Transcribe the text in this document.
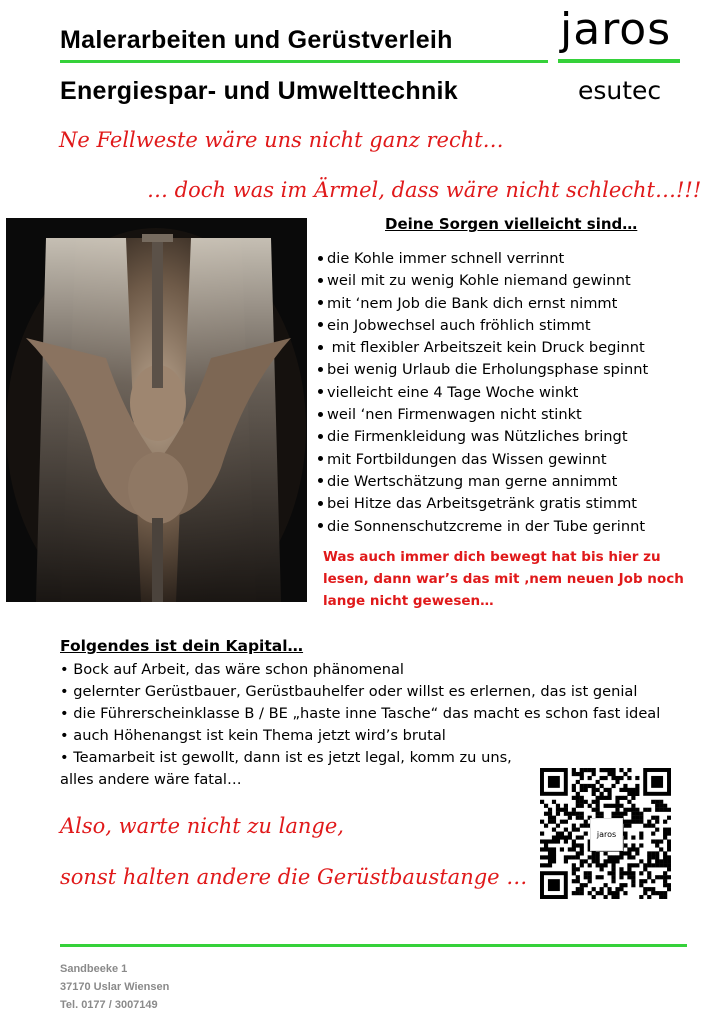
Malerarbeiten und Gerüstverleih
Energiespar- und Umwelttechnik
jaros
esutec
Ne Fellweste wäre uns nicht ganz recht…
… doch was im Ärmel, dass wäre nicht schlecht…!!!
Deine Sorgen vielleicht sind…
die Kohle immer schnell verrinnt
weil mit zu wenig Kohle niemand gewinnt
mit ‘nem Job die Bank dich ernst nimmt
ein Jobwechsel auch fröhlich stimmt
mit flexibler Arbeitszeit kein Druck beginnt
bei wenig Urlaub die Erholungsphase spinnt
vielleicht eine 4 Tage Woche winkt
weil ‘nen Firmenwagen nicht stinkt
die Firmenkleidung was Nützliches bringt
mit Fortbildungen das Wissen gewinnt
die Wertschätzung man gerne annimmt
bei Hitze das Arbeitsgetränk gratis stimmt
die Sonnenschutzcreme in der Tube gerinnt
Was auch immer dich bewegt hat bis hier zu
lesen, dann war’s das mit ‚nem neuen Job noch
lange nicht gewesen…
Folgendes ist dein Kapital…
• Bock auf Arbeit, das wäre schon phänomenal
• gelernter Gerüstbauer, Gerüstbauhelfer oder willst es erlernen, das ist genial
• die Führerscheinklasse B / BE „haste inne Tasche“ das macht es schon fast ideal
• auch Höhenangst ist kein Thema jetzt wird’s brutal
• Teamarbeit ist gewollt, dann ist es jetzt legal, komm zu uns,
alles andere wäre fatal…
Also, warte nicht zu lange,
sonst halten andere die Gerüstbaustange …
jaros
Sandbeeke 1
37170 Uslar Wiensen
Tel. 0177 / 3007149
